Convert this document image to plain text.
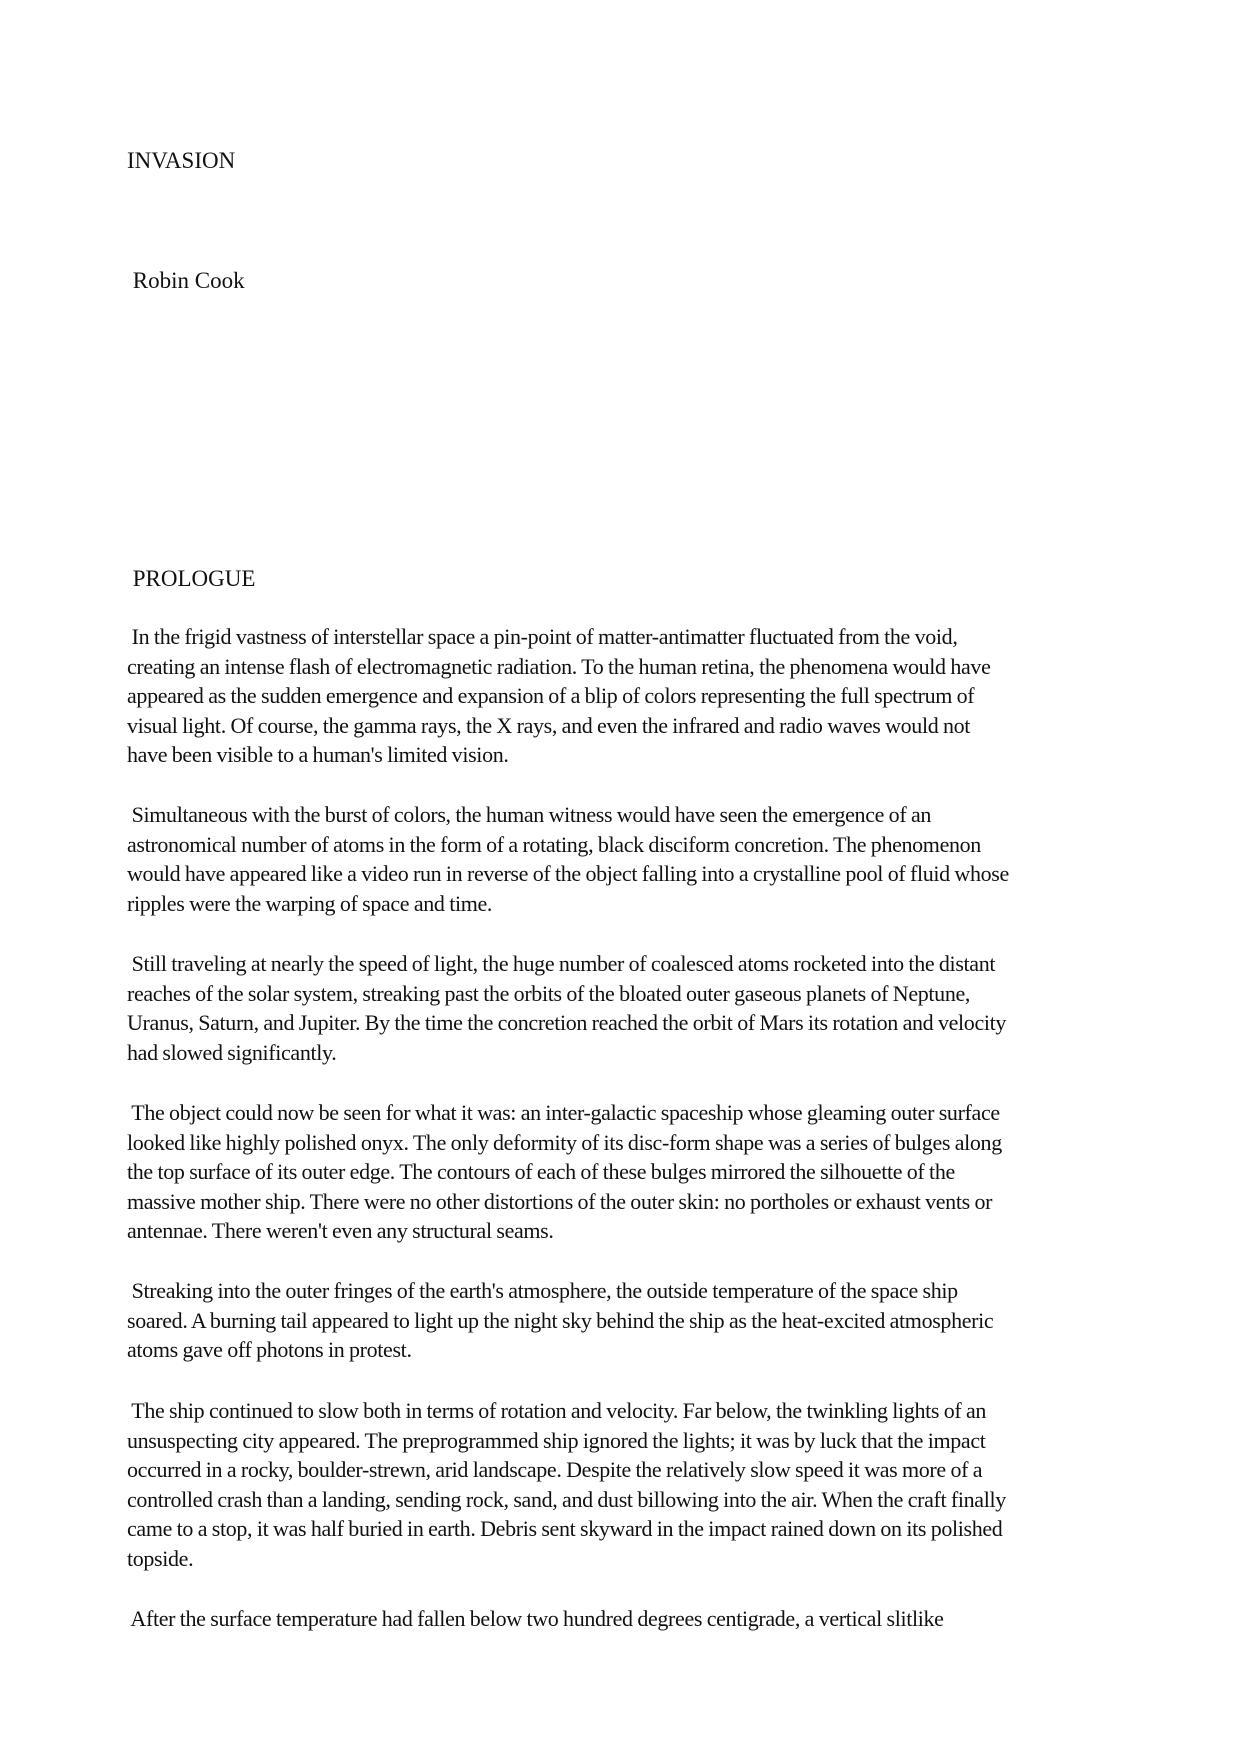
INVASION

Robin Cook

PROLOGUE

In the frigid vastness of interstellar space a pin-point of matter-antimatter fluctuated from the void,
creating an intense flash of electromagnetic radiation. To the human retina, the phenomena would have
appeared as the sudden emergence and expansion of a blip of colors representing the full spectrum of
visual light. Of course, the gamma rays, the X rays, and even the infrared and radio waves would not
have been visible to a human's limited vision.

Simultaneous with the burst of colors, the human witness would have seen the emergence of an
astronomical number of atoms in the form of a rotating, black disciform concretion. The phenomenon
would have appeared like a video run in reverse of the object falling into a crystalline pool of fluid whose
ripples were the warping of space and time.

Still traveling at nearly the speed of light, the huge number of coalesced atoms rocketed into the distant
reaches of the solar system, streaking past the orbits of the bloated outer gaseous planets of Neptune,
Uranus, Saturn, and Jupiter. By the time the concretion reached the orbit of Mars its rotation and velocity
had slowed significantly.

The object could now be seen for what it was: an inter-galactic spaceship whose gleaming outer surface
looked like highly polished onyx. The only deformity of its disc-form shape was a series of bulges along
the top surface of its outer edge. The contours of each of these bulges mirrored the silhouette of the
massive mother ship. There were no other distortions of the outer skin: no portholes or exhaust vents or
antennae. There weren't even any structural seams.

Streaking into the outer fringes of the earth's atmosphere, the outside temperature of the space ship
soared. A burning tail appeared to light up the night sky behind the ship as the heat-excited atmospheric
atoms gave off photons in protest.

The ship continued to slow both in terms of rotation and velocity. Far below, the twinkling lights of an
unsuspecting city appeared. The preprogrammed ship ignored the lights; it was by luck that the impact
occurred in a rocky, boulder-strewn, arid landscape. Despite the relatively slow speed it was more of a
controlled crash than a landing, sending rock, sand, and dust billowing into the air. When the craft finally
came to a stop, it was half buried in earth. Debris sent skyward in the impact rained down on its polished
topside.

After the surface temperature had fallen below two hundred degrees centigrade, a vertical slitlike
